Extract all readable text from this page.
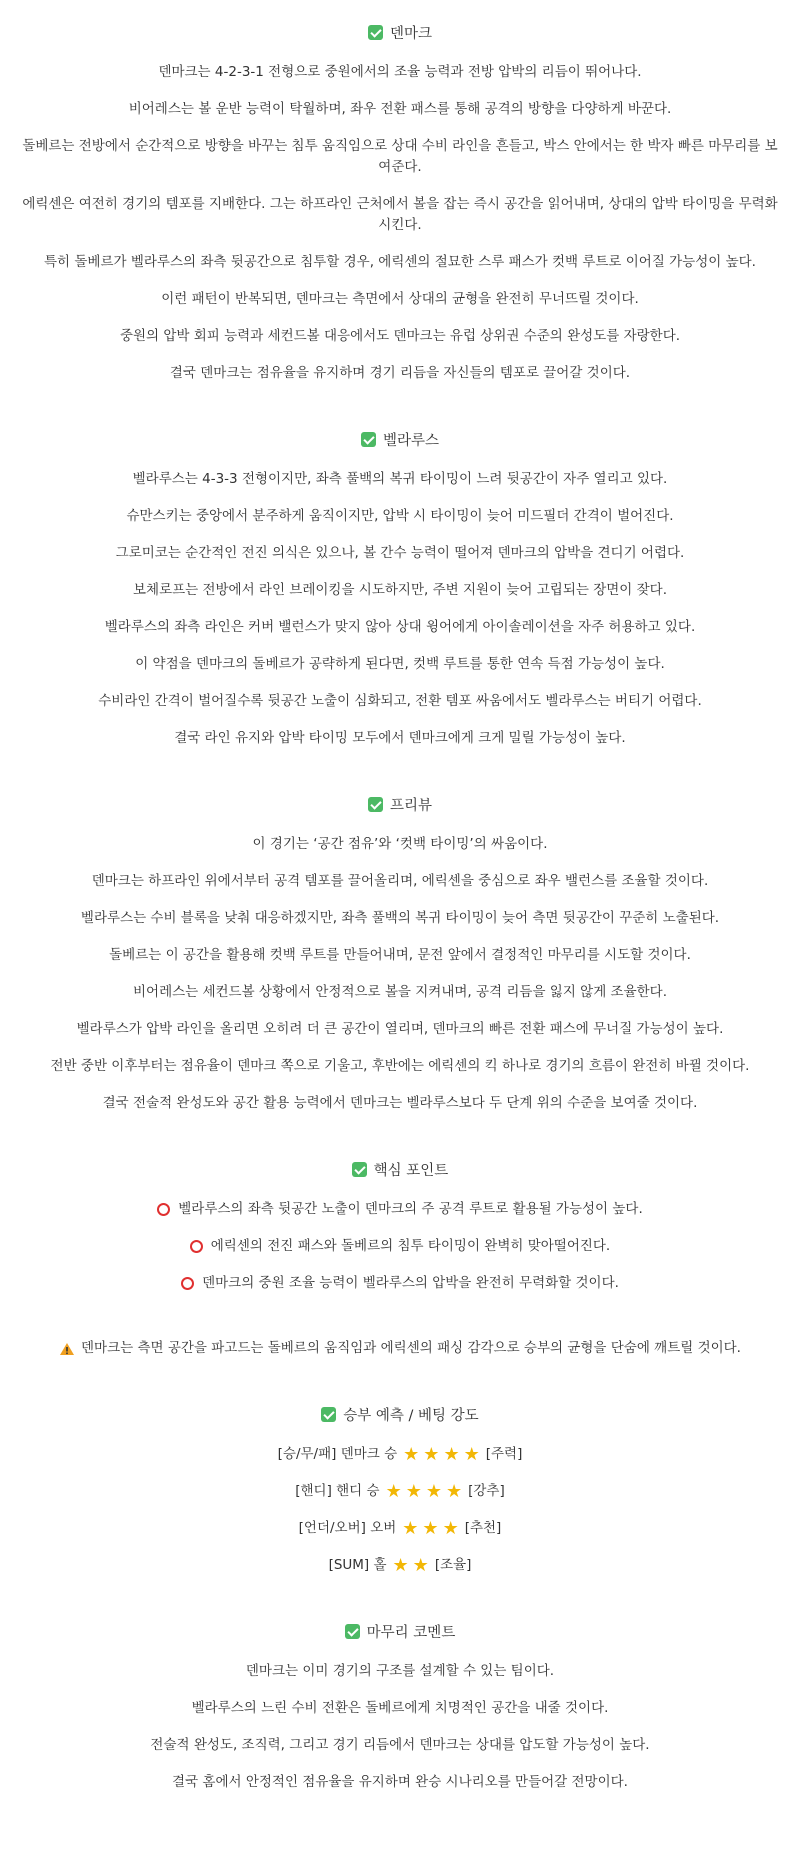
덴마크

덴마크는 4-2-3-1 전형으로 중원에서의 조율 능력과 전방 압박의 리듬이 뛰어나다.

비어레스는 볼 운반 능력이 탁월하며, 좌우 전환 패스를 통해 공격의 방향을 다양하게 바꾼다.

돌베르는 전방에서 순간적으로 방향을 바꾸는 침투 움직임으로 상대 수비 라인을 흔들고, 박스 안에서는 한 박자 빠른 마무리를 보여준다.

에릭센은 여전히 경기의 템포를 지배한다. 그는 하프라인 근처에서 볼을 잡는 즉시 공간을 읽어내며, 상대의 압박 타이밍을 무력화시킨다.

특히 돌베르가 벨라루스의 좌측 뒷공간으로 침투할 경우, 에릭센의 절묘한 스루 패스가 컷백 루트로 이어질 가능성이 높다.

이런 패턴이 반복되면, 덴마크는 측면에서 상대의 균형을 완전히 무너뜨릴 것이다.

중원의 압박 회피 능력과 세컨드볼 대응에서도 덴마크는 유럽 상위권 수준의 완성도를 자랑한다.

결국 덴마크는 점유율을 유지하며 경기 리듬을 자신들의 템포로 끌어갈 것이다.

벨라루스

벨라루스는 4-3-3 전형이지만, 좌측 풀백의 복귀 타이밍이 느려 뒷공간이 자주 열리고 있다.

슈만스키는 중앙에서 분주하게 움직이지만, 압박 시 타이밍이 늦어 미드필더 간격이 벌어진다.

그로미코는 순간적인 전진 의식은 있으나, 볼 간수 능력이 떨어져 덴마크의 압박을 견디기 어렵다.

보체로프는 전방에서 라인 브레이킹을 시도하지만, 주변 지원이 늦어 고립되는 장면이 잦다.

벨라루스의 좌측 라인은 커버 밸런스가 맞지 않아 상대 윙어에게 아이솔레이션을 자주 허용하고 있다.

이 약점을 덴마크의 돌베르가 공략하게 된다면, 컷백 루트를 통한 연속 득점 가능성이 높다.

수비라인 간격이 벌어질수록 뒷공간 노출이 심화되고, 전환 템포 싸움에서도 벨라루스는 버티기 어렵다.

결국 라인 유지와 압박 타이밍 모두에서 덴마크에게 크게 밀릴 가능성이 높다.

프리뷰

이 경기는 ‘공간 점유’와 ‘컷백 타이밍’의 싸움이다.

덴마크는 하프라인 위에서부터 공격 템포를 끌어올리며, 에릭센을 중심으로 좌우 밸런스를 조율할 것이다.

벨라루스는 수비 블록을 낮춰 대응하겠지만, 좌측 풀백의 복귀 타이밍이 늦어 측면 뒷공간이 꾸준히 노출된다.

돌베르는 이 공간을 활용해 컷백 루트를 만들어내며, 문전 앞에서 결정적인 마무리를 시도할 것이다.

비어레스는 세컨드볼 상황에서 안정적으로 볼을 지켜내며, 공격 리듬을 잃지 않게 조율한다.

벨라루스가 압박 라인을 올리면 오히려 더 큰 공간이 열리며, 덴마크의 빠른 전환 패스에 무너질 가능성이 높다.

전반 중반 이후부터는 점유율이 덴마크 쪽으로 기울고, 후반에는 에릭센의 킥 하나로 경기의 흐름이 완전히 바뀔 것이다.

결국 전술적 완성도와 공간 활용 능력에서 덴마크는 벨라루스보다 두 단계 위의 수준을 보여줄 것이다.

핵심 포인트
벨라루스의 좌측 뒷공간 노출이 덴마크의 주 공격 루트로 활용될 가능성이 높다.
에릭센의 전진 패스와 돌베르의 침투 타이밍이 완벽히 맞아떨어진다.
덴마크의 중원 조율 능력이 벨라루스의 압박을 완전히 무력화할 것이다.
덴마크는 측면 공간을 파고드는 돌베르의 움직임과 에릭센의 패싱 감각으로 승부의 균형을 단숨에 깨트릴 것이다.
승부 예측 / 베팅 강도
[승/무/패] 덴마크 승 ★ ★ ★ ★ [주력]
[핸디] 핸디 승 ★ ★ ★ ★ [강추]
[언더/오버] 오버 ★ ★ ★ [추천]
[SUM] 홀 ★ ★ [조율]
마무리 코멘트

덴마크는 이미 경기의 구조를 설계할 수 있는 팀이다.

벨라루스의 느린 수비 전환은 돌베르에게 치명적인 공간을 내줄 것이다.

전술적 완성도, 조직력, 그리고 경기 리듬에서 덴마크는 상대를 압도할 가능성이 높다.

결국 홈에서 안정적인 점유율을 유지하며 완승 시나리오를 만들어갈 전망이다.
